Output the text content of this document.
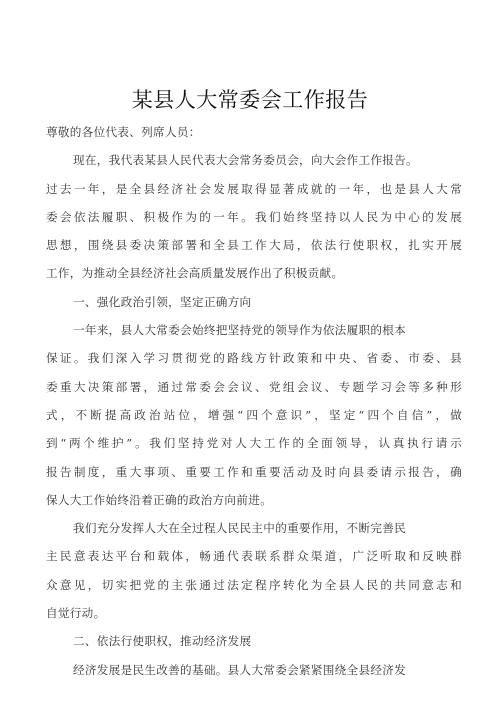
某县人大常委会工作报告
尊敬的各位代表、列席人员：
现在，我代表某县人民代表大会常务委员会，向大会作工作报告。
过去一年，是全县经济社会发展取得显著成就的一年，也是县人大常
委会依法履职、积极作为的一年。我们始终坚持以人民为中心的发展
思想，围绕县委决策部署和全县工作大局，依法行使职权，扎实开展
工作，为推动全县经济社会高质量发展作出了积极贡献。
一、强化政治引领，坚定正确方向
一年来，县人大常委会始终把坚持党的领导作为依法履职的根本
保证。我们深入学习贯彻党的路线方针政策和中央、省委、市委、县
委重大决策部署，通过常委会会议、党组会议、专题学习会等多种形
式，不断提高政治站位，增强“四个意识”，坚定“四个自信”，做
到“两个维护”。我们坚持党对人大工作的全面领导，认真执行请示
报告制度，重大事项、重要工作和重要活动及时向县委请示报告，确
保人大工作始终沿着正确的政治方向前进。
我们充分发挥人大在全过程人民民主中的重要作用，不断完善民
主民意表达平台和载体，畅通代表联系群众渠道，广泛听取和反映群
众意见，切实把党的主张通过法定程序转化为全县人民的共同意志和
自觉行动。
二、依法行使职权，推动经济发展
经济发展是民生改善的基础。县人大常委会紧紧围绕全县经济发
